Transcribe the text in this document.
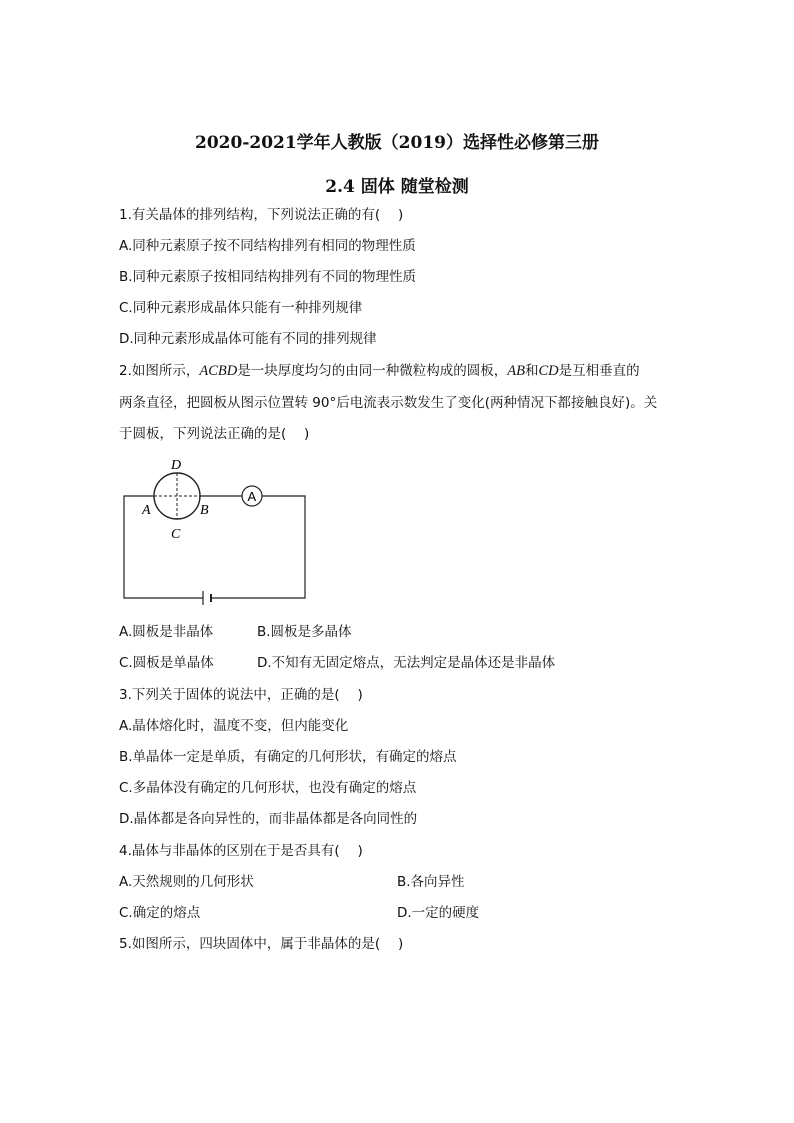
2020-2021学年人教版（2019）选择性必修第三册
2.4 固体 随堂检测
1.有关晶体的排列结构，下列说法正确的有(　 )
A.同种元素原子按不同结构排列有相同的物理性质
B.同种元素原子按相同结构排列有不同的物理性质
C.同种元素形成晶体只能有一种排列规律
D.同种元素形成晶体可能有不同的排列规律
2.如图所示，ACBD是一块厚度均匀的由同一种微粒构成的圆板，AB和CD是互相垂直的
两条直径，把圆板从图示位置转 90°后电流表示数发生了变化(两种情况下都接触良好)。关
于圆板，下列说法正确的是(　 )
A
D
A	B
C
A.圆板是非晶体	B.圆板是多晶体
C.圆板是单晶体	D.不知有无固定熔点，无法判定是晶体还是非晶体
3.下列关于固体的说法中，正确的是(　 )
A.晶体熔化时，温度不变，但内能变化
B.单晶体一定是单质，有确定的几何形状，有确定的熔点
C.多晶体没有确定的几何形状，也没有确定的熔点
D.晶体都是各向异性的，而非晶体都是各向同性的
4.晶体与非晶体的区别在于是否具有(　 )
A.天然规则的几何形状	B.各向异性
C.确定的熔点	D.一定的硬度
5.如图所示，四块固体中，属于非晶体的是(　 )
